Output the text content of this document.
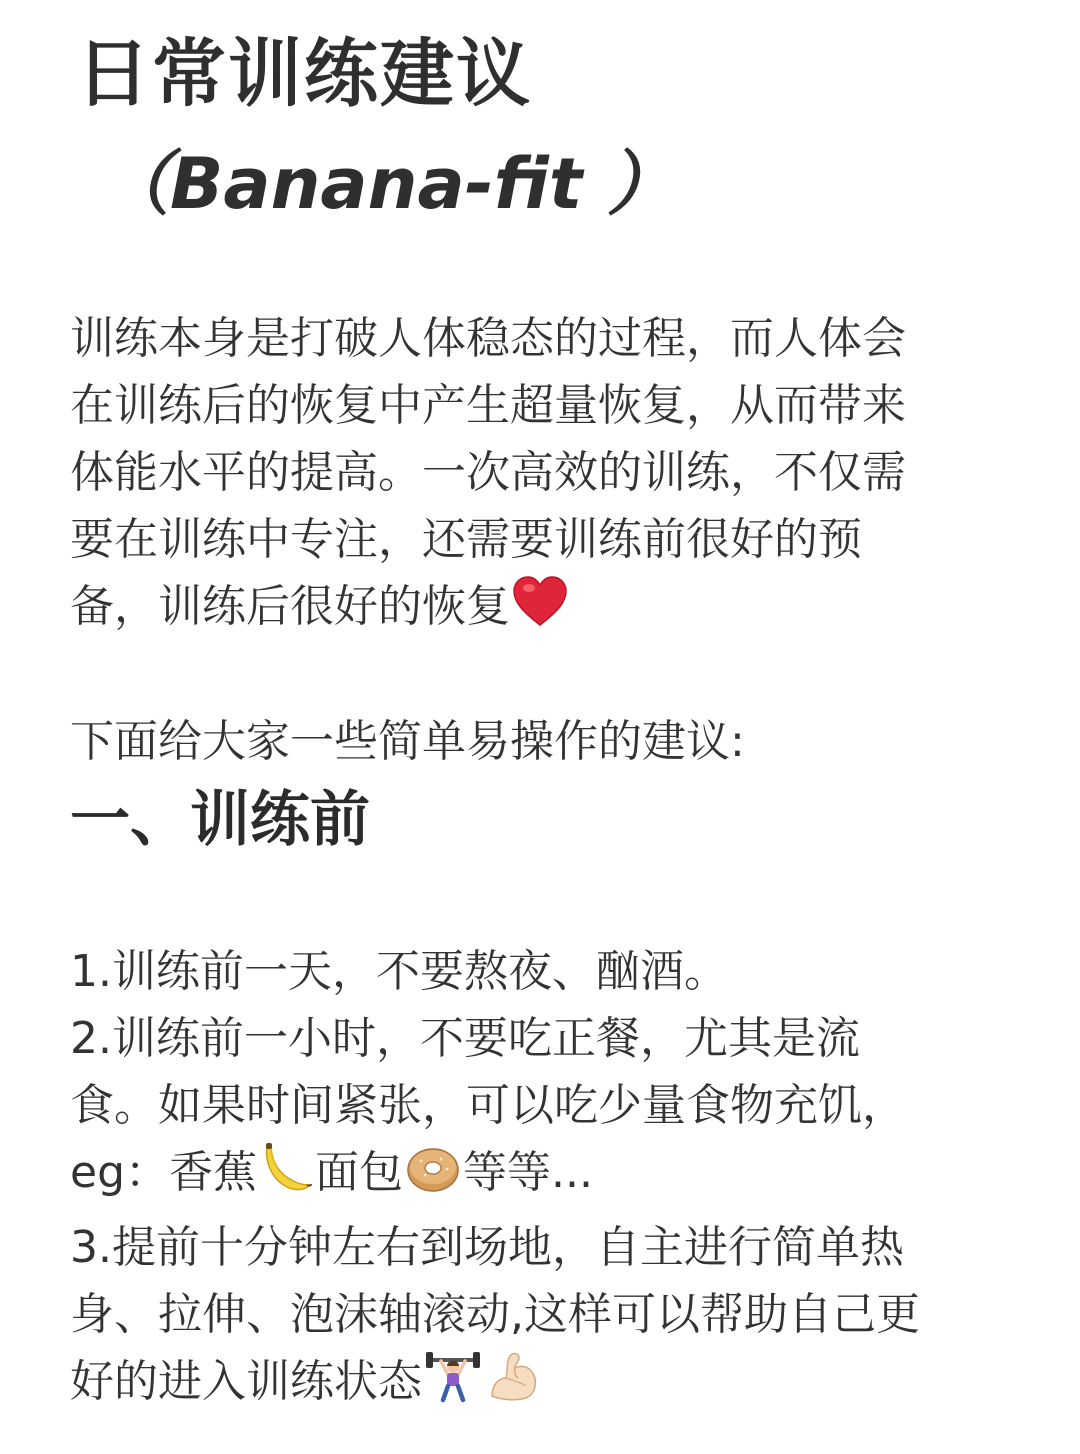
日常训练建议
（Banana-fit ）
训练本身是打破人体稳态的过程，而人体会
在训练后的恢复中产生超量恢复，从而带来
体能水平的提高。一次高效的训练，不仅需
要在训练中专注，还需要训练前很好的预
备，训练后很好的恢复
下面给大家一些简单易操作的建议:
一、训练前
1.训练前一天，不要熬夜、酗酒。
2.训练前一小时，不要吃正餐，尤其是流
食。如果时间紧张，可以吃少量食物充饥，
eg：香蕉 面包 等等...
3.提前十分钟左右到场地，自主进行简单热
身、拉伸、泡沫轴滚动,这样可以帮助自己更
好的进入训练状态
